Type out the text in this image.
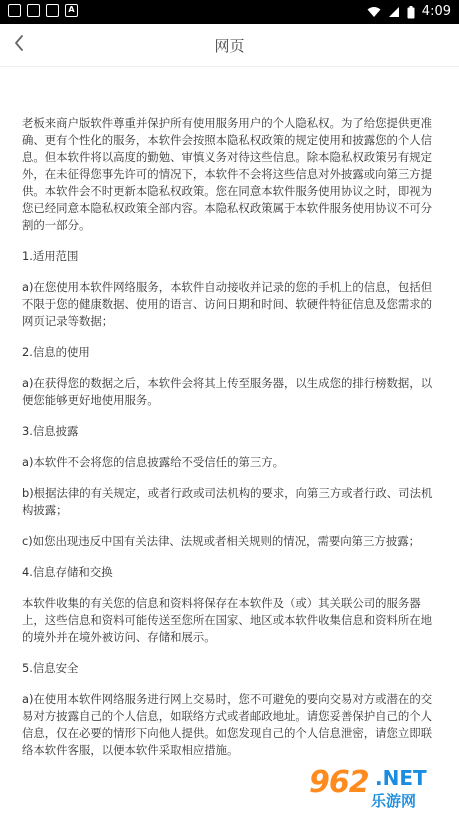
A	4:09
网页

老板来商户版软件尊重并保护所有使用服务用户的个人隐私权。为了给您提供更准确、更有个性化的服务，本软件会按照本隐私权政策的规定使用和披露您的个人信息。但本软件将以高度的勤勉、审慎义务对待这些信息。除本隐私权政策另有规定外，在未征得您事先许可的情况下，本软件不会将这些信息对外披露或向第三方提供。本软件会不时更新本隐私权政策。您在同意本软件服务使用协议之时，即视为您已经同意本隐私权政策全部内容。本隐私权政策属于本软件服务使用协议不可分割的一部分。

1.适用范围

a)在您使用本软件网络服务，本软件自动接收并记录的您的手机上的信息，包括但不限于您的健康数据、使用的语言、访问日期和时间、软硬件特征信息及您需求的网页记录等数据；

2.信息的使用

a)在获得您的数据之后，本软件会将其上传至服务器，以生成您的排行榜数据，以便您能够更好地使用服务。

3.信息披露

a)本软件不会将您的信息披露给不受信任的第三方。

b)根据法律的有关规定，或者行政或司法机构的要求，向第三方或者行政、司法机构披露；

c)如您出现违反中国有关法律、法规或者相关规则的情况，需要向第三方披露；

4.信息存储和交换

本软件收集的有关您的信息和资料将保存在本软件及（或）其关联公司的服务器上，这些信息和资料可能传送至您所在国家、地区或本软件收集信息和资料所在地的境外并在境外被访问、存储和展示。

5.信息安全

a)在使用本软件网络服务进行网上交易时，您不可避免的要向交易对方或潜在的交易对方披露自己的个人信息，如联络方式或者邮政地址。请您妥善保护自己的个人信息，仅在必要的情形下向他人提供。如您发现自己的个人信息泄密，请您立即联络本软件客服，以便本软件采取相应措施。

962 .NET
乐游网
